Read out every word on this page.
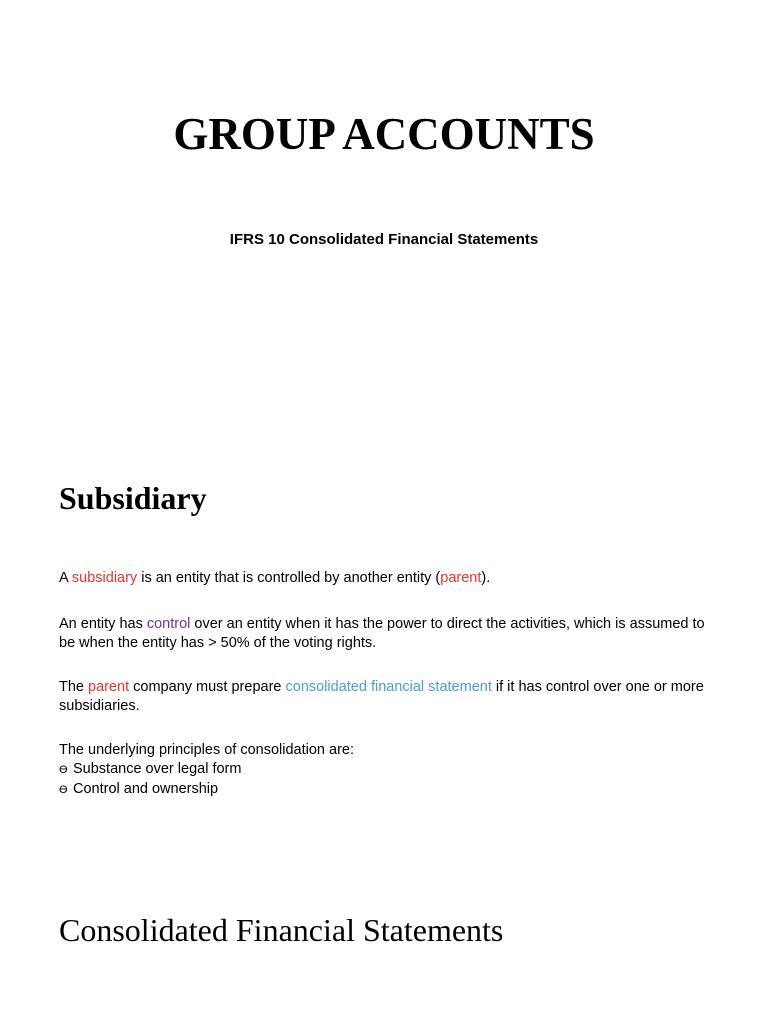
GROUP ACCOUNTS
IFRS 10 Consolidated Financial Statements
Subsidiary

A subsidiary is an entity that is controlled by another entity (parent).

An entity has control over an entity when it has the power to direct the activities, which is assumed to be when the entity has > 50% of the voting rights.

The parent company must prepare consolidated financial statement if it has control over one or more subsidiaries.

The underlying principles of consolidation are:
ϴ Substance over legal form
ϴ Control and ownership
Consolidated Financial Statements
